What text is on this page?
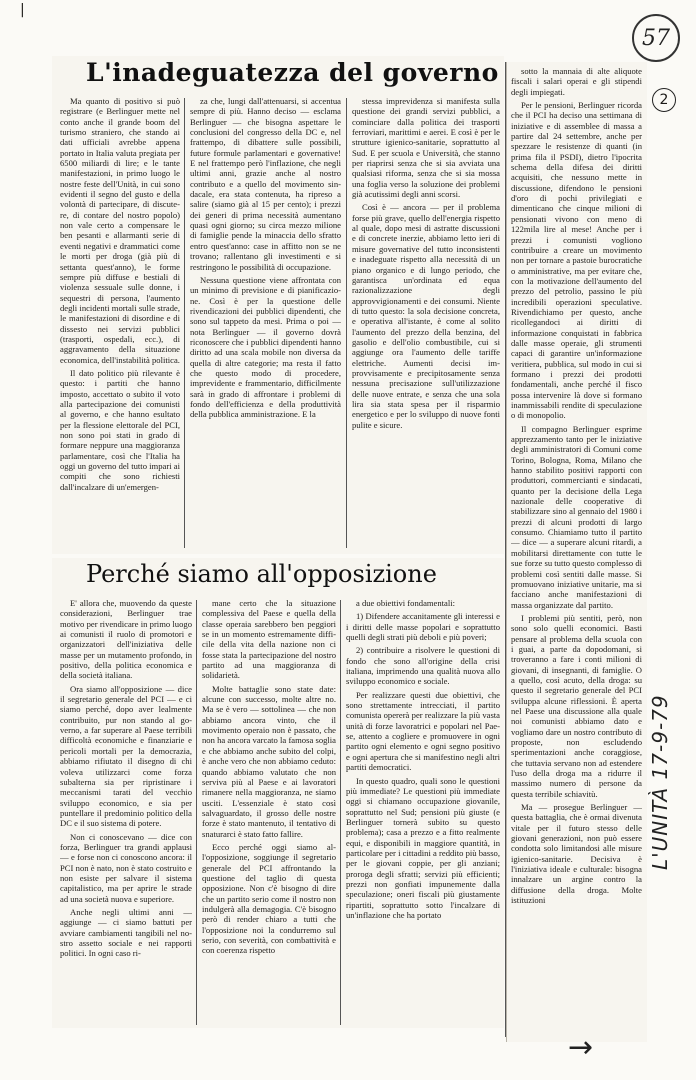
|
57
L'inadeguatezza del governo

Ma quanto di positivo si può registrare (e Berlinguer mette nel conto anche il grande boom del turismo straniero, che stando ai dati ufficiali avrebbe appena portato in Italia valuta pregiata per 6500 miliardi di lire; e le tante manifestazioni, in primo luogo le nostre feste dell'Unità, in cui sono evidenti il segno del gusto e della volontà di partecipare, di discutere, di contare del nostro popolo) non vale certo a compensare le ben pesanti e allarmanti serie di eventi negativi e drammatici come le morti per droga (già più di settanta quest'anno), le forme sempre più diffuse e bestiali di violenza sessuale sulle donne, i sequestri di persona, l'aumento degli incidenti mortali sulle strade, le manifestazioni di disordine e di dissesto nei servizi pubblici (trasporti, ospedali, ecc.), di aggravamento della situazione economica, dell'instabilità politica.

Il dato politico più rilevante è questo: i partiti che hanno imposto, accettato o subito il voto alla partecipazione dei comunisti al governo, e che hanno esultato per la flessione elettorale del PCI, non sono poi stati in grado di formare neppure una maggioranza parlamentare, così che l'Italia ha oggi un governo del tutto impari ai compiti che sono richiesti dall'incalzare di un'emergen-

za che, lungi dall'attenuarsi, si accentua sempre di più. Hanno deciso — esclama Berlinguer — che bisogna aspettare le conclusioni del congresso della DC e, nel frattempo, di dibattere sulle possibili, future formule parlamentari e governative! E nel frattempo però l'inflazione, che negli ultimi anni, grazie anche al nostro contributo e a quello del movimento sindacale, era stata contenuta, ha ripreso a salire (siamo già al 15 per cento); i prezzi dei generi di prima necessità aumentano quasi ogni giorno; su circa mezzo milione di famiglie pende la minaccia dello sfratto entro quest'anno: case in affitto non se ne trovano; rallentano gli investimenti e si restringono le possibilità di occupazione.

Nessuna questione viene affrontata con un minimo di previsione e di pianificazione. Così è per la questione delle rivendicazioni dei pubblici dipendenti, che sono sul tappeto da mesi. Prima o poi — nota Berlinguer — il governo dovrà riconoscere che i pubblici dipendenti hanno diritto ad una scala mobile non diversa da quella di altre categorie; ma resta il fatto che questo modo di procedere, imprevidente e frammentario, difficilmente sarà in grado di affrontare i problemi di fondo dell'efficienza e della produttività della pubblica amministrazione. E la

stessa imprevidenza si manifesta sulla questione dei grandi servizi pubblici, a cominciare dalla politica dei trasporti ferroviari, marittimi e aerei. E così è per le strutture igienico-sanitarie, soprattutto al Sud. E per scuola e Università, che stanno per riaprirsi senza che si sia avviata una qualsiasi riforma, senza che si sia mossa una foglia verso la soluzione dei problemi già acutissimi degli anni scorsi.

Così è — ancora — per il problema forse più grave, quello dell'energia rispetto al quale, dopo mesi di astratte discussioni e di concrete inerzie, abbiamo letto ieri di misure governative del tutto inconsistenti e inadeguate rispetto alla necessità di un piano organico e di lungo periodo, che garantisca un'ordinata ed equa razionalizzazione degli approvvigionamenti e dei consumi. Niente di tutto questo: la sola decisione concreta, e operativa all'istante, è come al solito l'aumento del prezzo della benzina, del gasolio e dell'olio combustibile, cui si aggiunge ora l'aumento delle tariffe elettriche. Aumenti decisi improvvisamente e precipitosamente senza nessuna precisazione sull'utilizzazione delle nuove entrate, e senza che una sola lira sia stata spesa per il risparmio energetico e per lo sviluppo di nuove fonti pulite e sicure.

sotto la mannaia di alte aliquote fiscali i salari operai e gli stipendi degli impiegati.

Per le pensioni, Berlinguer ricorda che il PCI ha deciso una settimana di iniziative e di assemblee di massa a partire dal 24 settembre, anche per spezzare le resistenze di quanti (in prima fila il PSDI), dietro l'ipocrita schema della difesa dei diritti acquisiti, che nessuno mette in discussione, difendono le pensioni d'oro di pochi privilegiati e dimenticano che cinque milioni di pensionati vivono con meno di 122mila lire al mese! Anche per i prezzi i comunisti vogliono contribuire a creare un movimento non per tornare a pastoie burocratiche o amministrative, ma per evitare che, con la motivazione dell'aumento del prezzo del petrolio, passino le più incredibili operazioni speculative. Rivendichiamo per questo, anche ricollegandoci ai diritti di informazione conquistati in fabbrica dalle masse operaie, gli strumenti capaci di garantire un'informazione veritiera, pubblica, sul modo in cui si formano i prezzi dei prodotti fondamentali, anche perché il fisco possa intervenire là dove si formano inammissabili rendite di speculazione o di monopolio.

Il compagno Berlinguer esprime apprezzamento tanto per le iniziative degli amministratori di Comuni come Torino, Bologna, Roma, Milano che hanno stabilito positivi rapporti con produttori, commercianti e sindacati, quanto per la decisione della Lega nazionale delle cooperative di stabilizzare sino al gennaio del 1980 i prezzi di alcuni prodotti di largo consumo. Chiamiamo tutto il partito — dice — a superare alcuni ritardi, a mobilitarsi direttamente con tutte le sue forze su tutto questo complesso di problemi così sentiti dalle masse. Si promuovano iniziative unitarie, ma si facciano anche manifestazioni di massa organizzate dal partito.

I problemi più sentiti, però, non sono solo quelli economici. Basti pensare al problema della scuola con i guai, a parte da dopodomani, si troveranno a fare i conti milioni di giovani, di insegnanti, di famiglie. O a quello, così acuto, della droga: su questo il segretario generale del PCI sviluppa alcune riflessioni. È aperta nel Paese una discussione alla quale noi comunisti abbiamo dato e vogliamo dare un nostro contributo di proposte, non escludendo sperimentazioni anche coraggiose, che tuttavia servano non ad estendere l'uso della droga ma a ridurre il massimo numero di persone da questa terribile schiavitù.

Ma — prosegue Berlinguer — questa battaglia, che è ormai divenuta vitale per il futuro stesso delle giovani generazioni, non può essere condotta solo limitandosi alle misure igienico-sanitarie. Decisiva è l'iniziativa ideale e culturale: bisogna innalzare un argine contro la diffusione della droga. Molte istituzioni

Perché siamo all'opposizione

E' allora che, muovendo da queste considerazioni, Berlinguer trae motivo per rivendicare in primo luogo ai comunisti il ruolo di promotori e organizzatori dell'iniziativa delle masse per un mutamento profondo, in positivo, della politica economica e della società italiana.

Ora siamo all'opposizione — dice il segretario generale del PCI — e ci siamo perché, dopo aver lealmente contribuito, pur non stando al governo, a far superare al Paese terribili difficoltà economiche e finanziarie e pericoli mortali per la democrazia, abbiamo rifiutato il disegno di chi voleva utilizzarci come forza subalterna sia per ripristinare i meccanismi tarati del vecchio sviluppo economico, e sia per puntellare il predominio politico della DC e il suo sistema di potere.

Non ci conoscevano — dice con forza, Berlinguer tra grandi applausi — e forse non ci conoscono ancora: il PCI non è nato, non è stato costruito e non esiste per salvare il sistema capitalistico, ma per aprire le strade ad una società nuova e superiore.

Anche negli ultimi anni — aggiunge — ci siamo battuti per avviare cambiamenti tangibili nel nostro assetto sociale e nei rapporti politici. In ogni caso ri-

mane certo che la situazione complessiva del Paese e quella della classe operaia sarebbero ben peggiori se in un momento estremamente difficile della vita della nazione non ci fosse stata la partecipazione del nostro partito ad una maggioranza di solidarietà.

Molte battaglie sono state date: alcune con successo, molte altre no. Ma se è vero — sottolinea — che non abbiamo ancora vinto, che il movimento operaio non è passato, che non ha ancora varcato la famosa soglia e che abbiamo anche subito del colpi, è anche vero che non abbiamo ceduto: quando abbiamo valutato che non serviva più al Paese e ai lavoratori rimanere nella maggioranza, ne siamo usciti. L'essenziale è stato così salvaguardato, il grosso delle nostre forze è stato mantenuto, il tentativo di snaturarci è stato fatto fallire.

Ecco perché oggi siamo all'opposizione, soggiunge il segretario generale del PCI affrontando la questione del taglio di questa opposizione. Non c'è bisogno di dire che un partito serio come il nostro non indulgerà alla demagogia. C'è bisogno però di render chiaro a tutti che l'opposizione noi la condurremo sul serio, con severità, con combattività e con coerenza rispetto

a due obiettivi fondamentali:

1) Difendere accanitamente gli interessi e i diritti delle masse popolari e soprattutto quelli degli strati più deboli e più poveri;

2) contribuire a risolvere le questioni di fondo che sono all'origine della crisi italiana, imprimendo una qualità nuova allo sviluppo economico e sociale.

Per realizzare questi due obiettivi, che sono strettamente intrecciati, il partito comunista opererà per realizzare la più vasta unità di forze lavoratrici e popolari nel Paese, attento a cogliere e promuovere in ogni partito ogni elemento e ogni segno positivo e ogni apertura che si manifestino negli altri partiti democratici.

In questo quadro, quali sono le questioni più immediate? Le questioni più immediate oggi si chiamano occupazione giovanile, soprattutto nel Sud; pensioni più giuste (e Berlinguer tornerà subito su questo problema); casa a prezzo e a fitto realmente equi, e disponibili in maggiore quantità, in particolare per i cittadini a reddito più basso, per le giovani coppie, per gli anziani; proroga degli sfratti; servizi più efficienti; prezzi non gonfiati impunemente dalla speculazione; oneri fiscali più giustamente ripartiti, soprattutto sotto l'incalzare di un'inflazione che ha portato

2
L'UNITÀ 17-9-79
→
